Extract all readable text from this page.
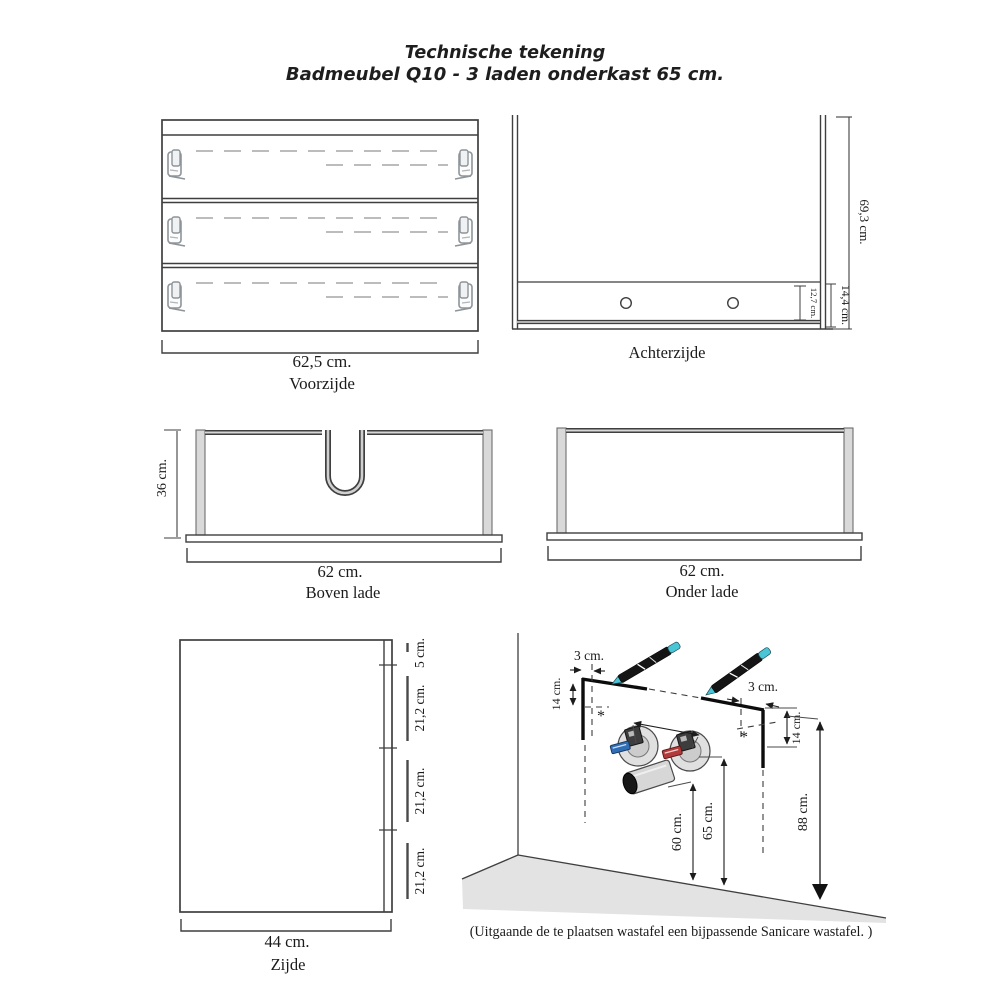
Technische tekening
Badmeubel Q10 - 3 laden onderkast 65 cm.
62,5 cm.
Voorzijde
12,7 cm. 14,4 cm.
69,3 cm.
Achterzijde
36 cm.
62 cm.
Boven lade
62 cm.
Onder lade
5 cm.
21,2 cm.
21,2 cm.
21,2 cm.
44 cm.
Zijde
3 cm.
14 cm.
*
3 cm.
14 cm.
*
60 cm. 65 cm.	88 cm.
(Uitgaande de te plaatsen wastafel een bijpassende Sanicare wastafel. )
